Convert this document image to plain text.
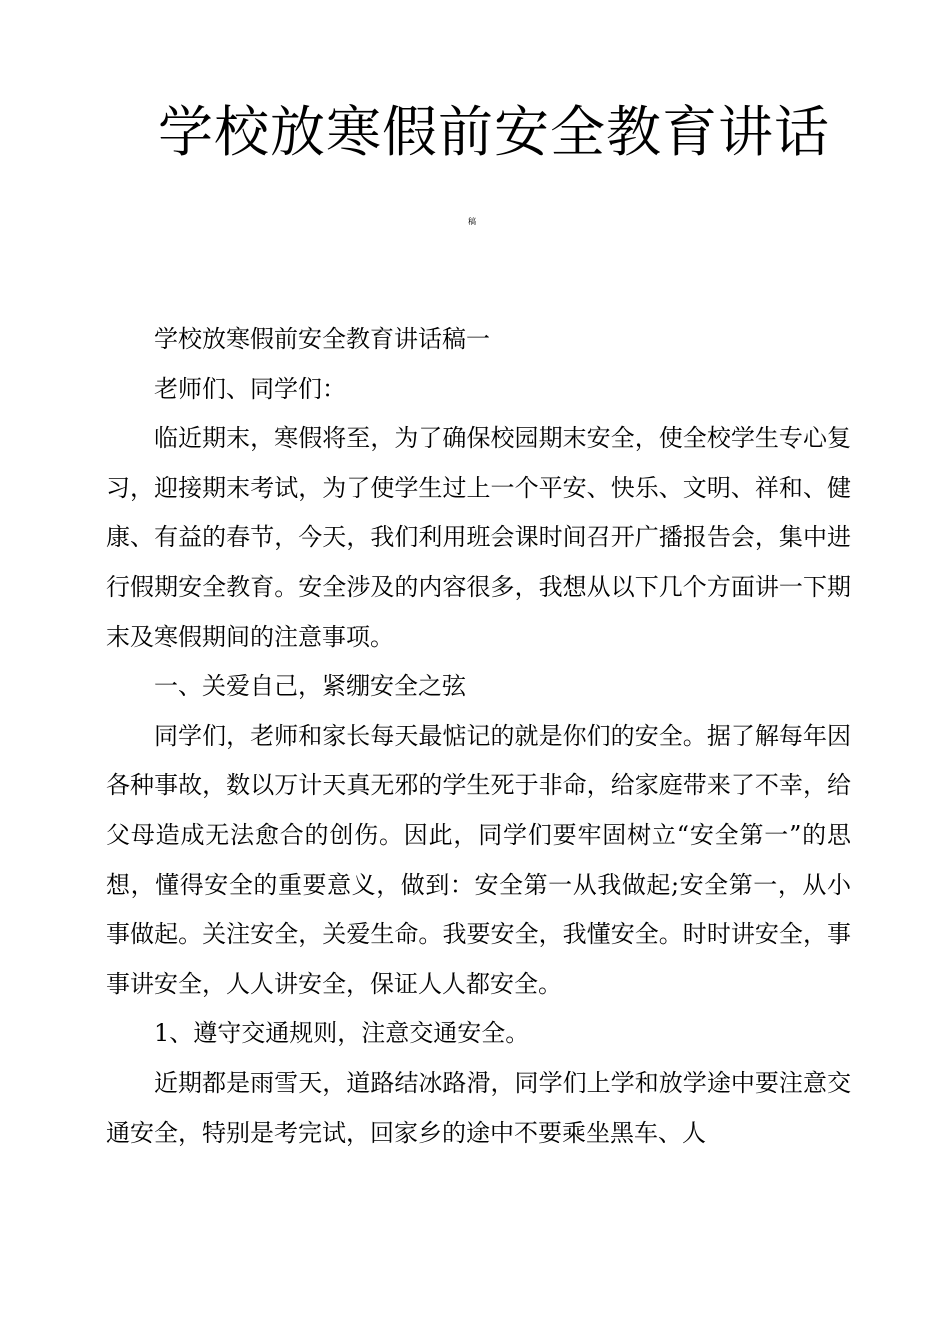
学校放寒假前安全教育讲话
稿

学校放寒假前安全教育讲话稿一

老师们、同学们：

临近期末，寒假将至，为了确保校园期末安全，使全校学生专心复习，迎接期末考试，为了使学生过上一个平安、快乐、文明、祥和、健康、有益的春节，今天，我们利用班会课时间召开广播报告会，集中进行假期安全教育。安全涉及的内容很多，我想从以下几个方面讲一下期末及寒假期间的注意事项。

一、关爱自己，紧绷安全之弦

同学们，老师和家长每天最惦记的就是你们的安全。据了解每年因各种事故，数以万计天真无邪的学生死于非命，给家庭带来了不幸，给父母造成无法愈合的创伤。因此，同学们要牢固树立“安全第一”的思想，懂得安全的重要意义，做到：安全第一从我做起;安全第一，从小事做起。关注安全，关爱生命。我要安全，我懂安全。时时讲安全，事事讲安全，人人讲安全，保证人人都安全。

1、遵守交通规则，注意交通安全。

近期都是雨雪天，道路结冰路滑，同学们上学和放学途中要注意交通安全，特别是考完试，回家乡的途中不要乘坐黑车、人
